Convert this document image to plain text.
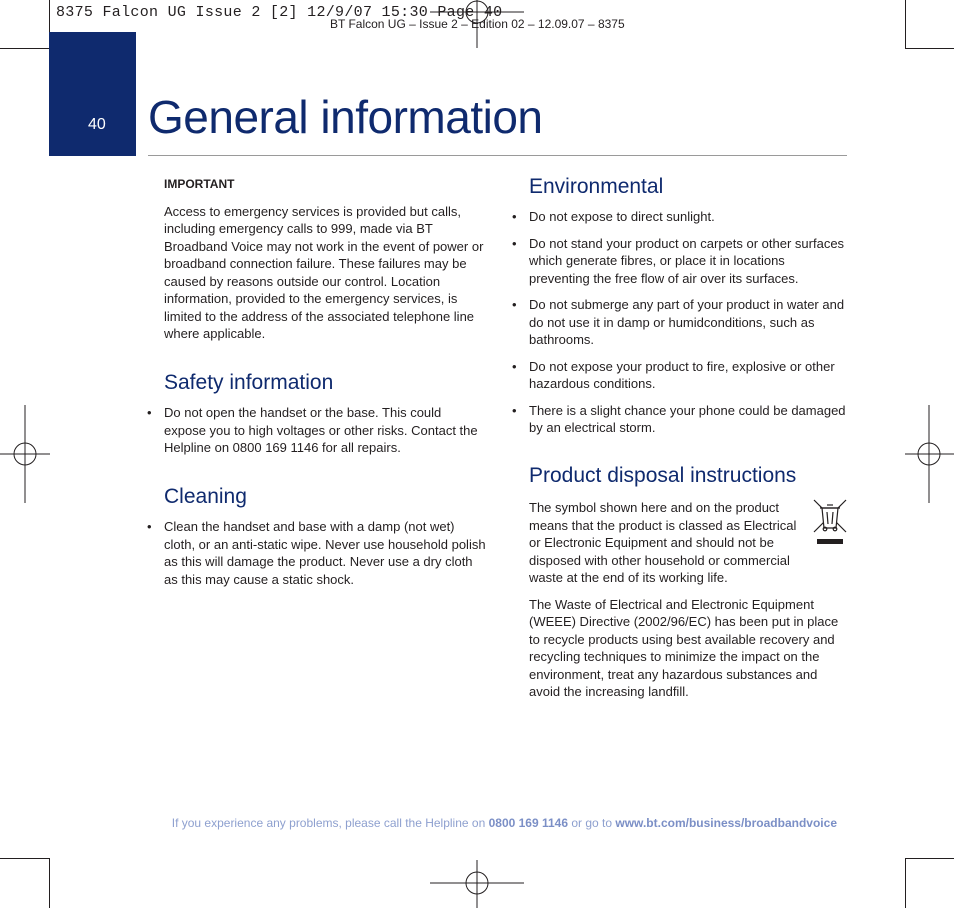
8375 Falcon UG Issue 2 [2] 12/9/07 15:30 Page 40
BT Falcon UG – Issue 2 – Edition 02 – 12.09.07 – 8375
40 General information
IMPORTANT

Access to emergency services is provided but calls, including emergency calls to 999, made via BT Broadband Voice may not work in the event of power or broadband connection failure. These failures may be caused by reasons outside our control. Location information, provided to the emergency services, is limited to the address of the associated telephone line where applicable.

Safety information
• Do not open the handset or the base. This could expose you to high voltages or other risks. Contact the Helpline on 0800 169 1146 for all repairs.
Cleaning
• Clean the handset and base with a damp (not wet) cloth, or an anti-static wipe. Never use household polish as this will damage the product. Never use a dry cloth as this may cause a static shock.
Environmental
• Do not expose to direct sunlight.
• Do not stand your product on carpets or other surfaces which generate fibres, or place it in locations preventing the free flow of air over its surfaces.
• Do not submerge any part of your product in water and do not use it in damp or humidconditions, such as bathrooms.
• Do not expose your product to fire, explosive or other hazardous conditions.
• There is a slight chance your phone could be damaged by an electrical storm.
Product disposal instructions

The symbol shown here and on the product means that the product is classed as Electrical or Electronic Equipment and should not be disposed with other household or commercial waste at the end of its working life.

The Waste of Electrical and Electronic Equipment (WEEE) Directive (2002/96/EC) has been put in place to recycle products using best available recovery and recycling techniques to minimize the impact on the environment, treat any hazardous substances and avoid the increasing landfill.

If you experience any problems, please call the Helpline on 0800 169 1146 or go to www.bt.com/business/broadbandvoice
